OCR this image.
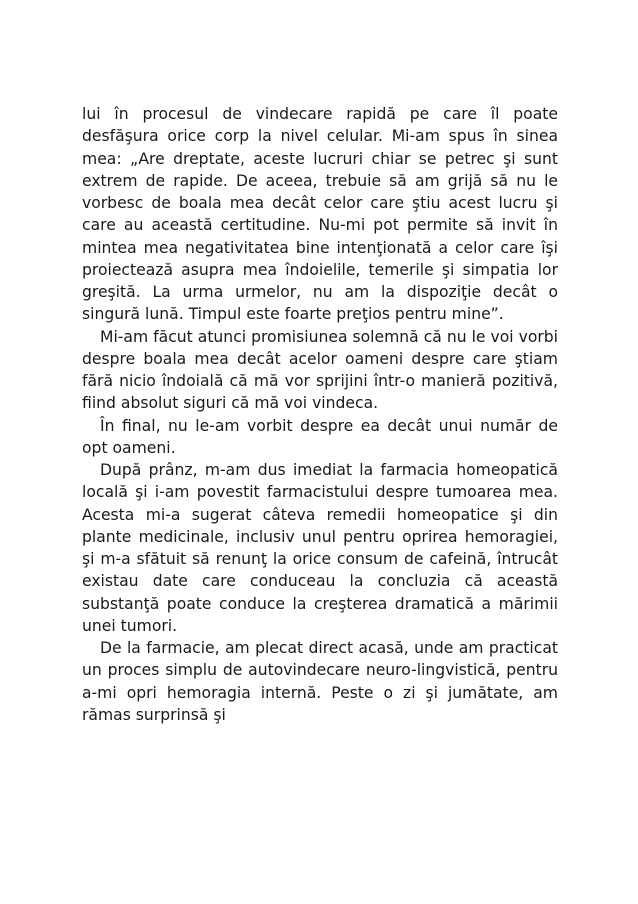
lui în procesul de vindecare rapidă pe care îl poate desfăşura orice corp la nivel celular. Mi-am spus în sinea mea: „Are dreptate, aceste lucruri chiar se petrec şi sunt extrem de rapide. De aceea, trebuie să am grijă să nu le vorbesc de boala mea decât celor care ştiu acest lucru şi care au această certitudine. Nu-mi pot permite să invit în mintea mea negativitatea bine intenţionată a celor care îşi proiectează asupra mea îndoielile, temerile şi simpatia lor greşită. La urma urmelor, nu am la dispoziţie decât o singură lună. Timpul este foarte preţios pentru mine”.

Mi-am făcut atunci promisiunea solemnă că nu le voi vorbi despre boala mea decât acelor oameni despre care ştiam fără nicio îndoială că mă vor sprijini într-o manieră pozitivă, fiind absolut siguri că mă voi vindeca.

În final, nu le-am vorbit despre ea decât unui număr de opt oameni.

După prânz, m-am dus imediat la farmacia homeopatică locală şi i-am povestit farmacistului despre tumoarea mea. Acesta mi-a sugerat câteva remedii homeopatice şi din plante medicinale, inclusiv unul pentru oprirea hemoragiei, şi m-a sfătuit să renunţ la orice consum de cafeină, întrucât existau date care conduceau la concluzia că această substanţă poate conduce la creşterea dramatică a mărimii unei tumori.

De la farmacie, am plecat direct acasă, unde am practicat un proces simplu de autovindecare neuro-lingvistică, pentru a-mi opri hemoragia internă. Peste o zi şi jumătate, am rămas surprinsă şi
